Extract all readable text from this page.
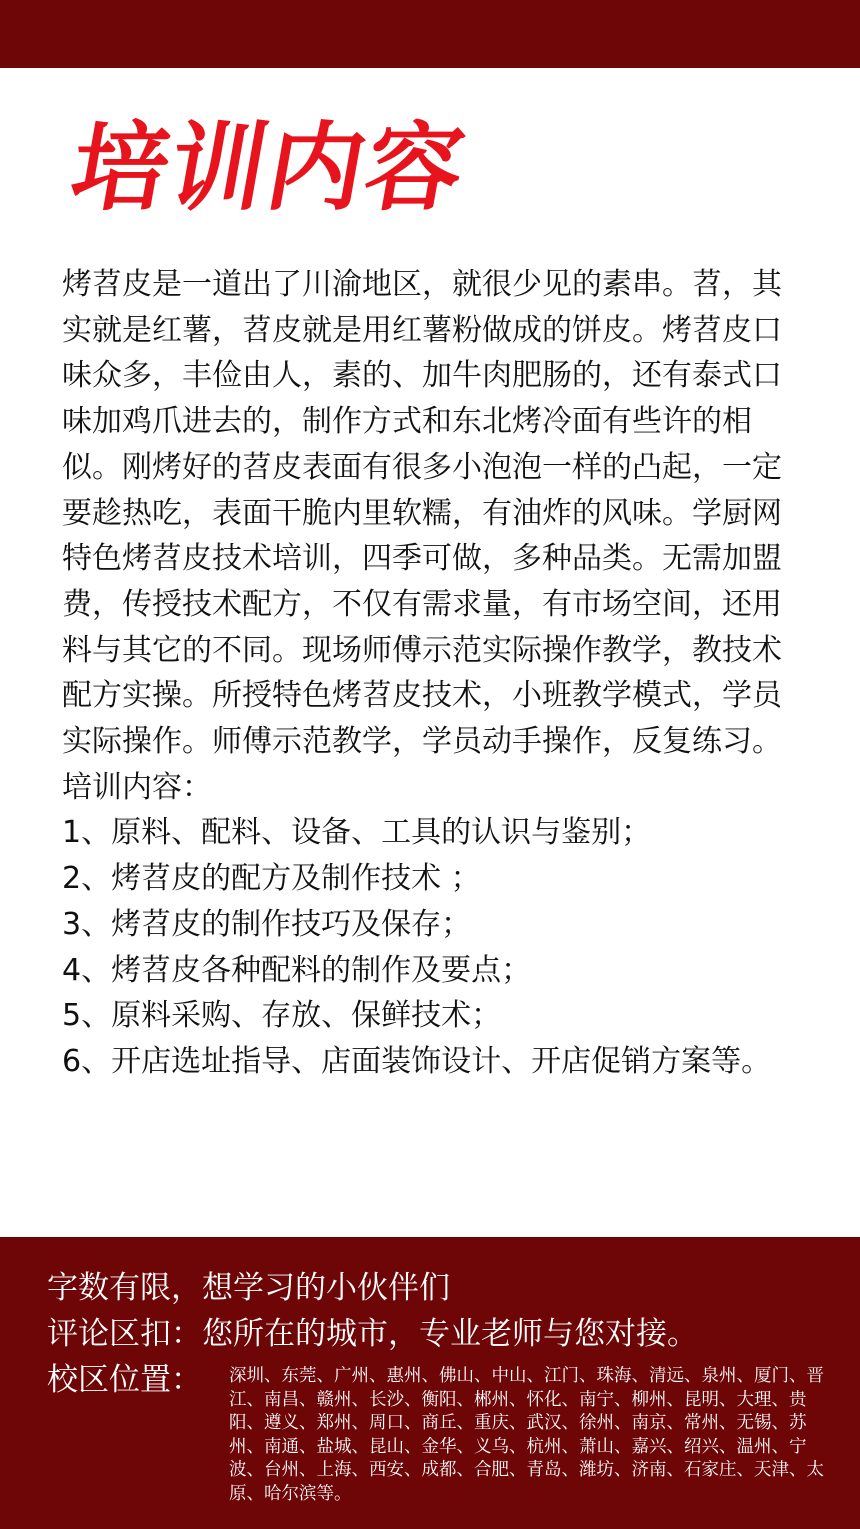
培训内容

烤苕皮是一道出了川渝地区，就很少见的素串。苕，其实就是红薯，苕皮就是用红薯粉做成的饼皮。烤苕皮口味众多，丰俭由人，素的、加牛肉肥肠的，还有泰式口味加鸡爪进去的，制作方式和东北烤冷面有些许的相似。刚烤好的苕皮表面有很多小泡泡一样的凸起，一定要趁热吃，表面干脆内里软糯，有油炸的风味。学厨网特色烤苕皮技术培训，四季可做，多种品类。无需加盟费，传授技术配方，不仅有需求量，有市场空间，还用料与其它的不同。现场师傅示范实际操作教学，教技术配方实操。所授特色烤苕皮技术，小班教学模式，学员实际操作。师傅示范教学，学员动手操作，反复练习。

培训内容：

1、原料、配料、设备、工具的认识与鉴别；
2、烤苕皮的配方及制作技术 ；
3、烤苕皮的制作技巧及保存；
4、烤苕皮各种配料的制作及要点；
5、原料采购、存放、保鲜技术；
6、开店选址指导、店面装饰设计、开店促销方案等。
字数有限，想学习的小伙伴们
评论区扣：您所在的城市，专业老师与您对接。
校区位置： 深圳、东莞、广州、惠州、佛山、中山、江门、珠海、清远、泉州、厦门、晋江、南昌、赣州、长沙、衡阳、郴州、怀化、南宁、柳州、昆明、大理、贵阳、遵义、郑州、周口、商丘、重庆、武汉、徐州、南京、常州、无锡、苏州、南通、盐城、昆山、金华、义乌、杭州、萧山、嘉兴、绍兴、温州、宁波、台州、上海、西安、成都、合肥、青岛、潍坊、济南、石家庄、天津、太原、哈尔滨等。
